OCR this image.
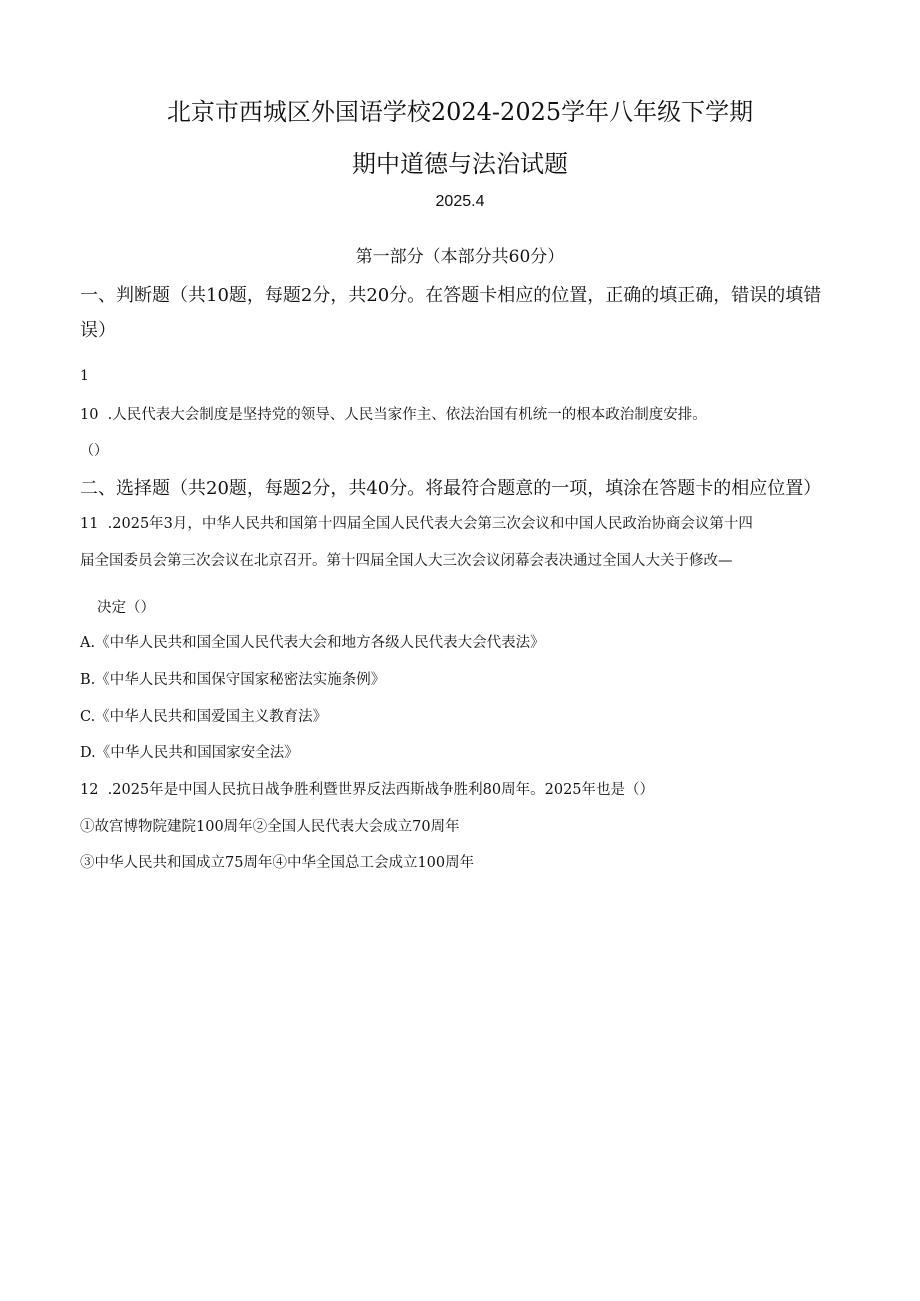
北京市西城区外国语学校2024-2025学年八年级下学期
期中道德与法治试题
2025.4
第一部分（本部分共60分）
一、判断题（共10题，每题2分，共20分。在答题卡相应的位置，正确的填正确，错误的填错
误）
1
10  .人民代表大会制度是坚持党的领导、人民当家作主、依法治国有机统一的根本政治制度安排。
（）
二、选择题（共20题，每题2分，共40分。将最符合题意的一项，填涂在答题卡的相应位置）
11  .2025年3月，中华人民共和国第十四届全国人民代表大会第三次会议和中国人民政治协商会议第十四
届全国委员会第三次会议在北京召开。第十四届全国人大三次会议闭幕会表决通过全国人大关于修改—
决定（）
A.《中华人民共和国全国人民代表大会和地方各级人民代表大会代表法》
B.《中华人民共和国保守国家秘密法实施条例》
C.《中华人民共和国爱国主义教育法》
D.《中华人民共和国国家安全法》
12  .2025年是中国人民抗日战争胜利暨世界反法西斯战争胜利80周年。2025年也是（）
①故宫博物院建院100周年②全国人民代表大会成立70周年
③中华人民共和国成立75周年④中华全国总工会成立100周年
